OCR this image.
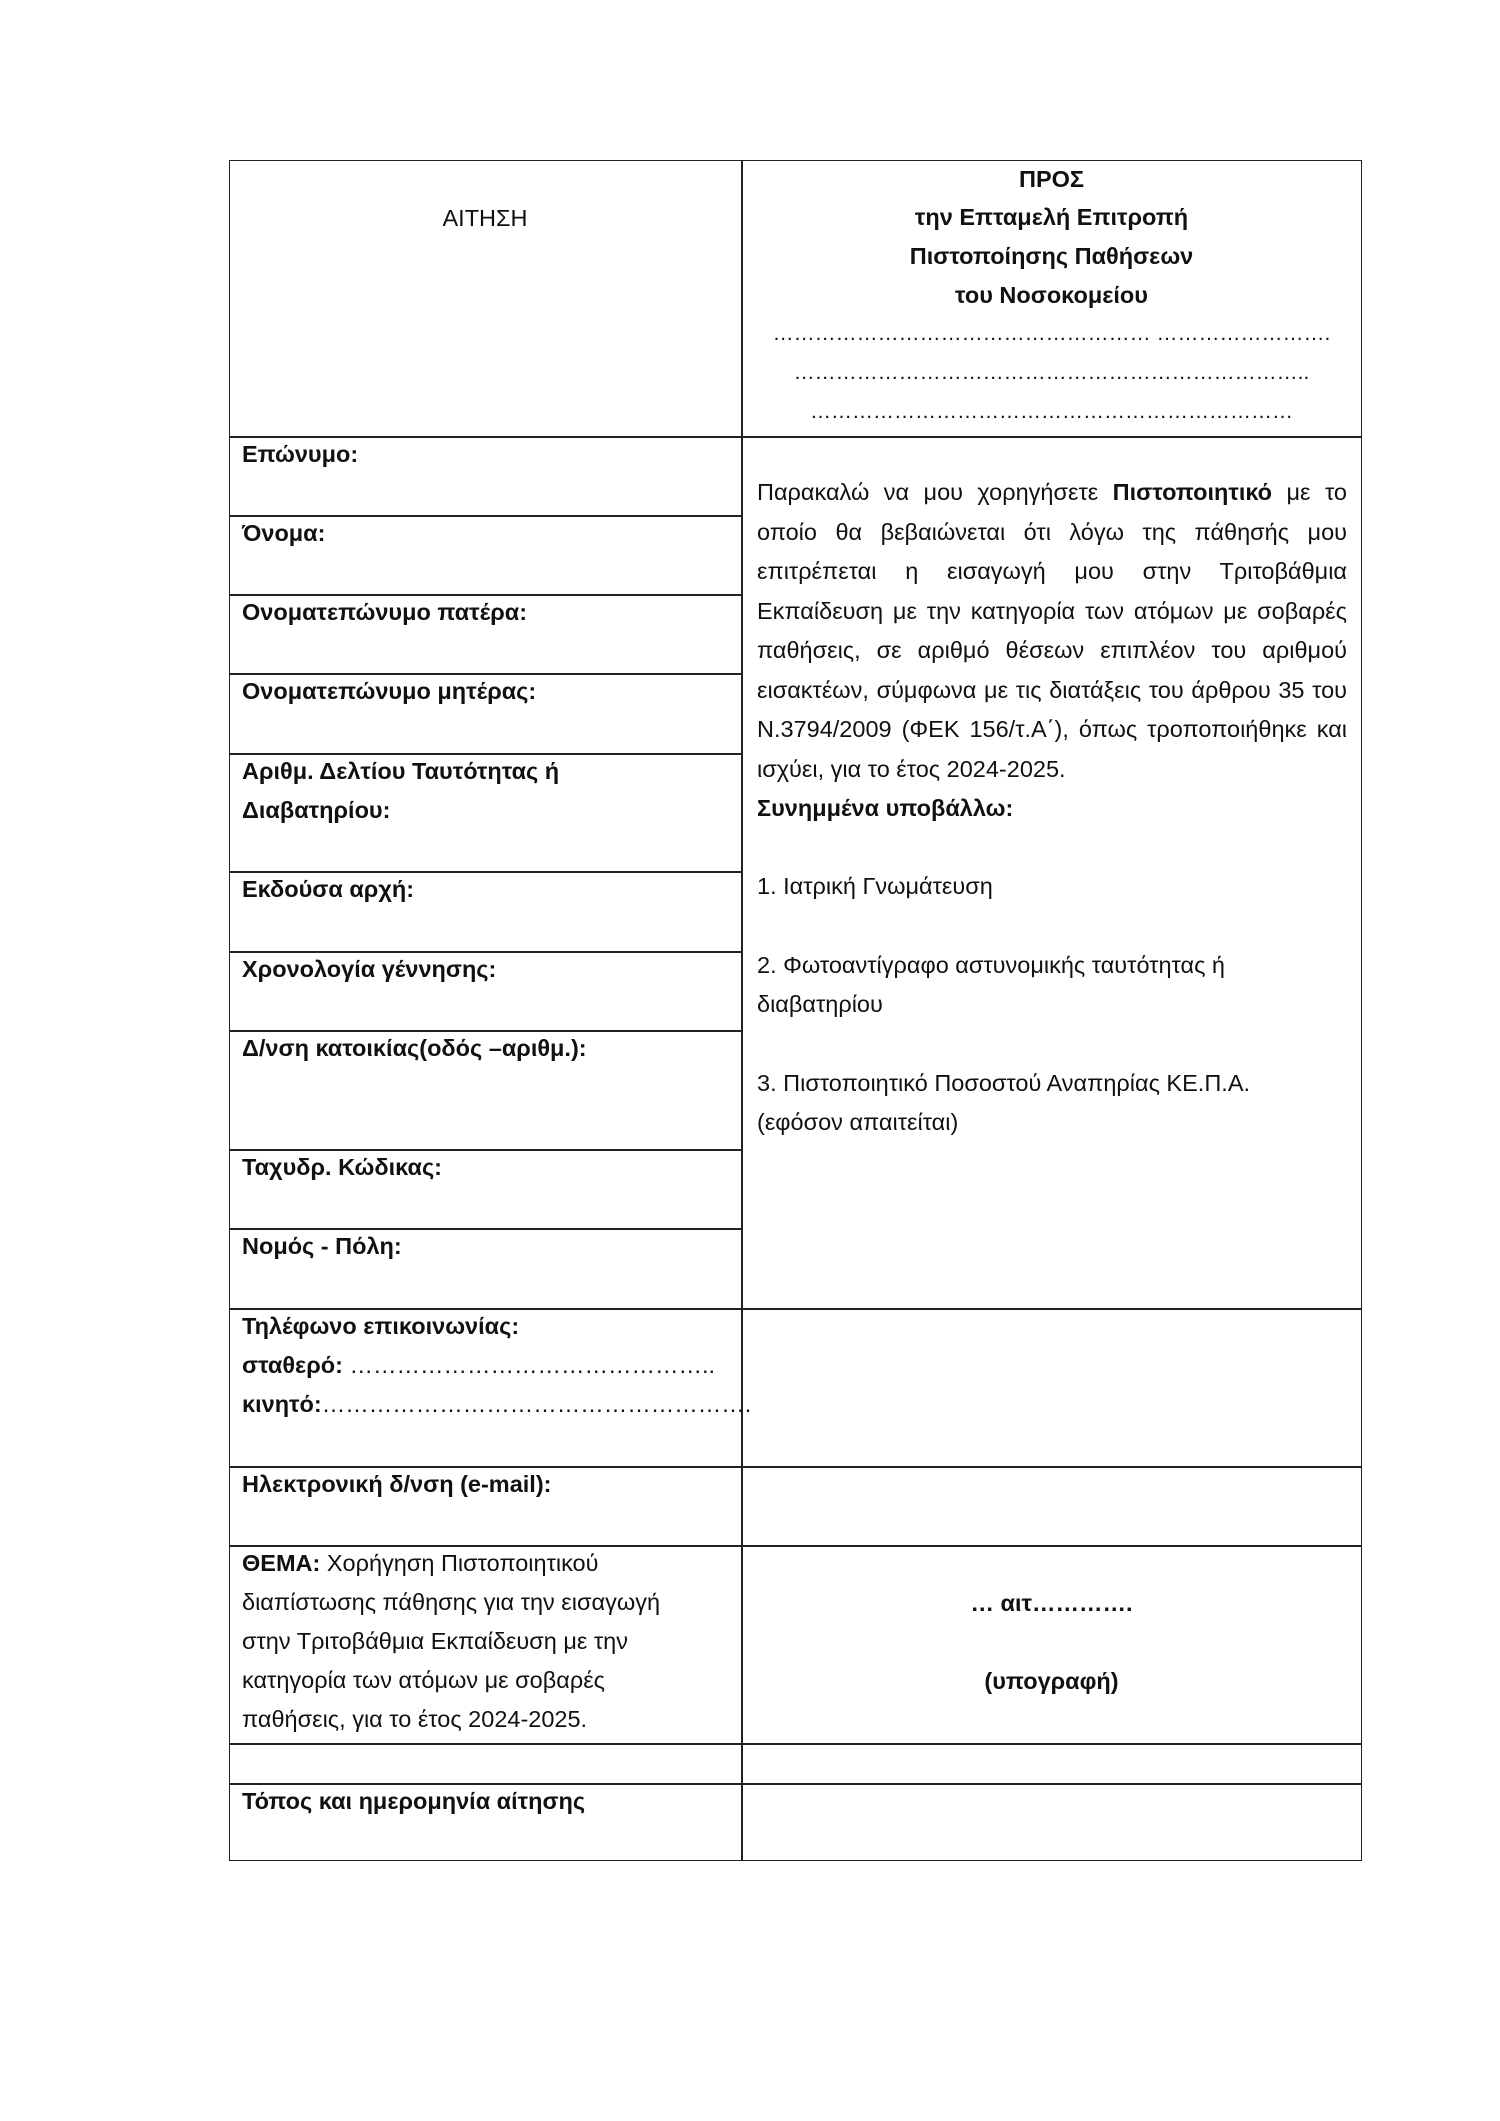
ΑΙΤΗΣΗ
ΠΡΟΣ
την Επταμελή Επιτροπή
Πιστοποίησης Παθήσεων
του Νοσοκομείου
……………………………………………… …………………….
………………………………………………………………..
……………………………………………………………
Επώνυμο:
Όνομα:
Ονοματεπώνυμο πατέρα:
Ονοματεπώνυμο μητέρας:
Αριθμ. Δελτίου Ταυτότητας ή
Διαβατηρίου:
Εκδούσα αρχή:
Χρονολογία γέννησης:
Δ/νση κατοικίας(οδός –αριθμ.):
Ταχυδρ. Κώδικας:
Νομός - Πόλη:
Τηλέφωνο επικοινωνίας:
σταθερό: ………………………………………..
κινητό:……………………………………………….
Ηλεκτρονική δ/νση (e-mail):
ΘΕΜΑ: Χορήγηση Πιστοποιητικού
διαπίστωσης πάθησης για την εισαγωγή
στην Τριτοβάθμια Εκπαίδευση με την
κατηγορία των ατόμων με σοβαρές
παθήσεις, για το έτος 2024-2025.
Τόπος και ημερομηνία αίτησης
Παρακαλώ να μου χορηγήσετε Πιστοποιητικό με το οποίο θα βεβαιώνεται ότι λόγω της πάθησής μου επιτρέπεται η εισαγωγή μου στην Τριτοβάθμια Εκπαίδευση με την κατηγορία των ατόμων με σοβαρές παθήσεις, σε αριθμό θέσεων επιπλέον του αριθμού εισακτέων, σύμφωνα με τις διατάξεις του άρθρου 35 του Ν.3794/2009 (ΦΕΚ 156/τ.Α΄), όπως τροποποιήθηκε και ισχύει, για το έτος 2024-2025.
Συνημμένα υποβάλλω:
1. Ιατρική Γνωμάτευση
2. Φωτοαντίγραφο αστυνομικής ταυτότητας ή
διαβατηρίου
3. Πιστοποιητικό Ποσοστού Αναπηρίας ΚΕ.Π.Α.
(εφόσον απαιτείται)
… αιτ………….
(υπογραφή)
